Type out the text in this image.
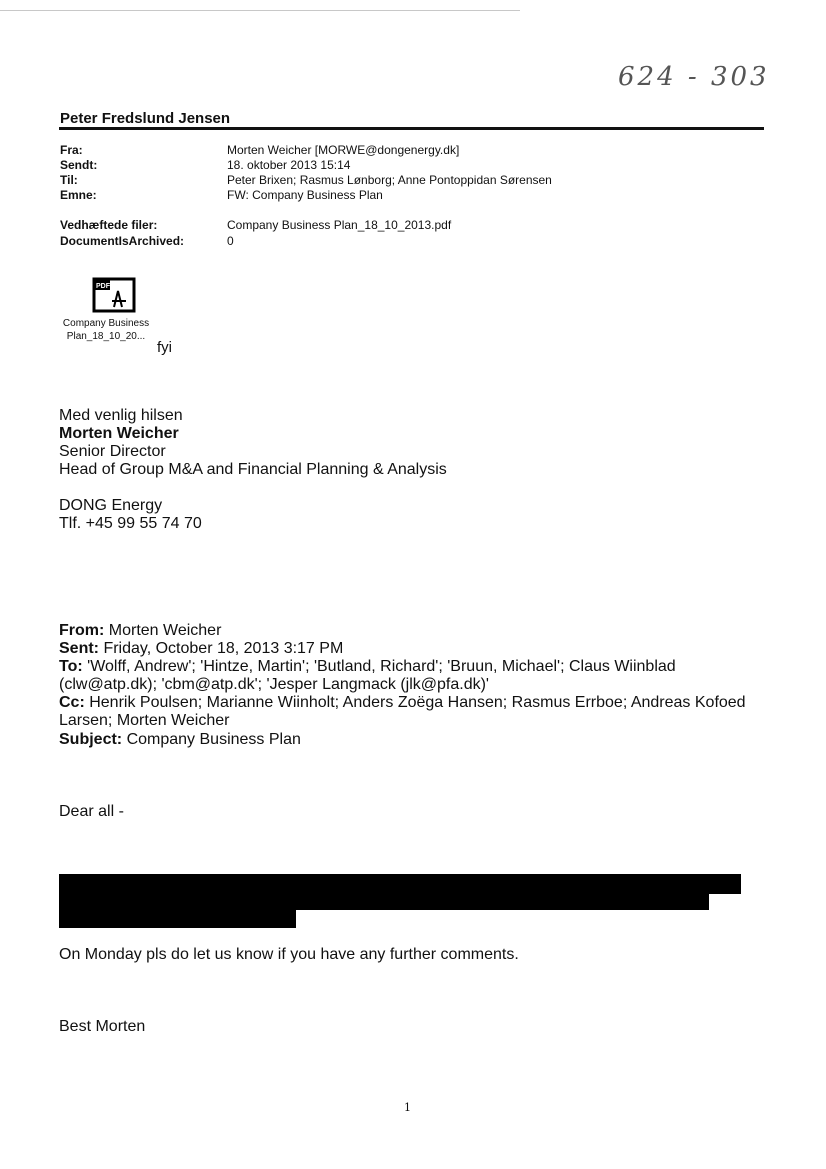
624 - 303
Peter Fredslund Jensen
Fra:	Morten Weicher [MORWE@dongenergy.dk]
Sendt:	18. oktober 2013 15:14
Til:	Peter Brixen; Rasmus Lønborg; Anne Pontoppidan Sørensen
Emne:	FW: Company Business Plan
Vedhæftede filer:	Company Business Plan_18_10_2013.pdf
DocumentIsArchived:	0
PDF
Company Business
Plan_18_10_20...
fyi
Med venlig hilsen
Morten Weicher
Senior Director
Head of Group M&A and Financial Planning & Analysis
DONG Energy
Tlf. +45 99 55 74 70
From: Morten Weicher
Sent: Friday, October 18, 2013 3:17 PM
To: 'Wolff, Andrew'; 'Hintze, Martin'; 'Butland, Richard'; 'Bruun, Michael'; Claus Wiinblad
(clw@atp.dk); 'cbm@atp.dk'; 'Jesper Langmack (jlk@pfa.dk)'
Cc: Henrik Poulsen; Marianne Wiinholt; Anders Zoëga Hansen; Rasmus Errboe; Andreas Kofoed
Larsen; Morten Weicher
Subject: Company Business Plan
Dear all -
On Monday pls do let us know if you have any further comments.
Best Morten
1
